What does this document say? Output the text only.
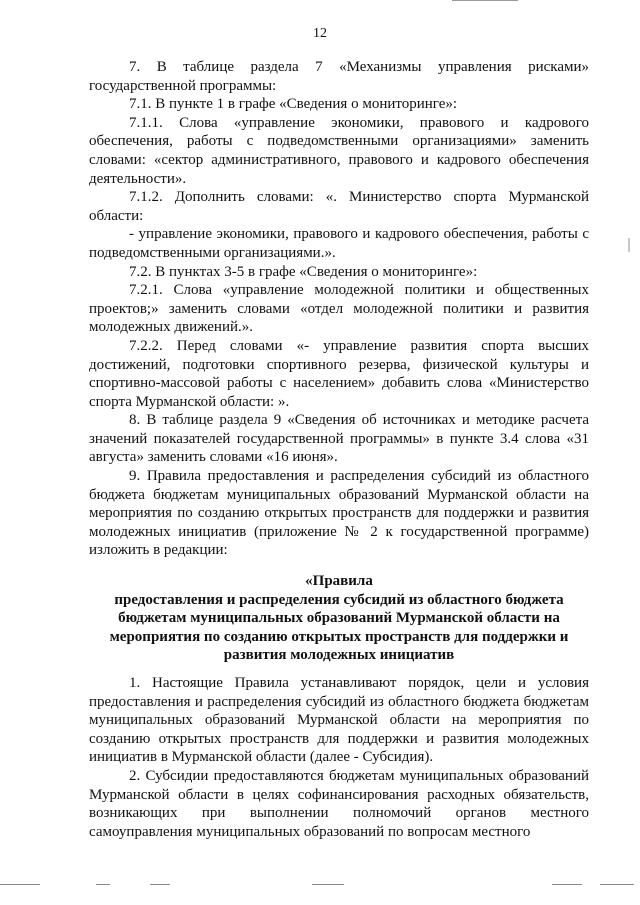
12

7. В таблице раздела 7 «Механизмы управления рисками» государственной программы:

7.1. В пункте 1 в графе «Сведения о мониторинге»:

7.1.1. Слова «управление экономики, правового и кадрового обеспечения, работы с подведомственными организациями» заменить словами: «сектор административного, правового и кадрового обеспечения деятельности».

7.1.2. Дополнить словами: «. Министерство спорта Мурманской области:

- управление экономики, правового и кадрового обеспечения, работы с подведомственными организациями.».

7.2. В пунктах 3-5 в графе «Сведения о мониторинге»:

7.2.1. Слова «управление молодежной политики и общественных проектов;» заменить словами «отдел молодежной политики и развития молодежных движений.».

7.2.2. Перед словами «- управление развития спорта высших достижений, подготовки спортивного резерва, физической культуры и спортивно-массовой работы с населением» добавить слова «Министерство спорта Мурманской области: ».

8. В таблице раздела 9 «Сведения об источниках и методике расчета значений показателей государственной программы» в пункте 3.4 слова «31 августа» заменить словами «16 июня».

9. Правила предоставления и распределения субсидий из областного бюджета бюджетам муниципальных образований Мурманской области на мероприятия по созданию открытых пространств для поддержки и развития молодежных инициатив (приложение № 2 к государственной программе) изложить в редакции:

«Правила
предоставления и распределения субсидий из областного бюджета
бюджетам муниципальных образований Мурманской области на
мероприятия по созданию открытых пространств для поддержки и
развития молодежных инициатив

1. Настоящие Правила устанавливают порядок, цели и условия предоставления и распределения субсидий из областного бюджета бюджетам муниципальных образований Мурманской области на мероприятия по созданию открытых пространств для поддержки и развития молодежных инициатив в Мурманской области (далее - Субсидия).

2. Субсидии предоставляются бюджетам муниципальных образований Мурманской области в целях софинансирования расходных обязательств, возникающих при выполнении полномочий органов местного самоуправления муниципальных образований по вопросам местного
